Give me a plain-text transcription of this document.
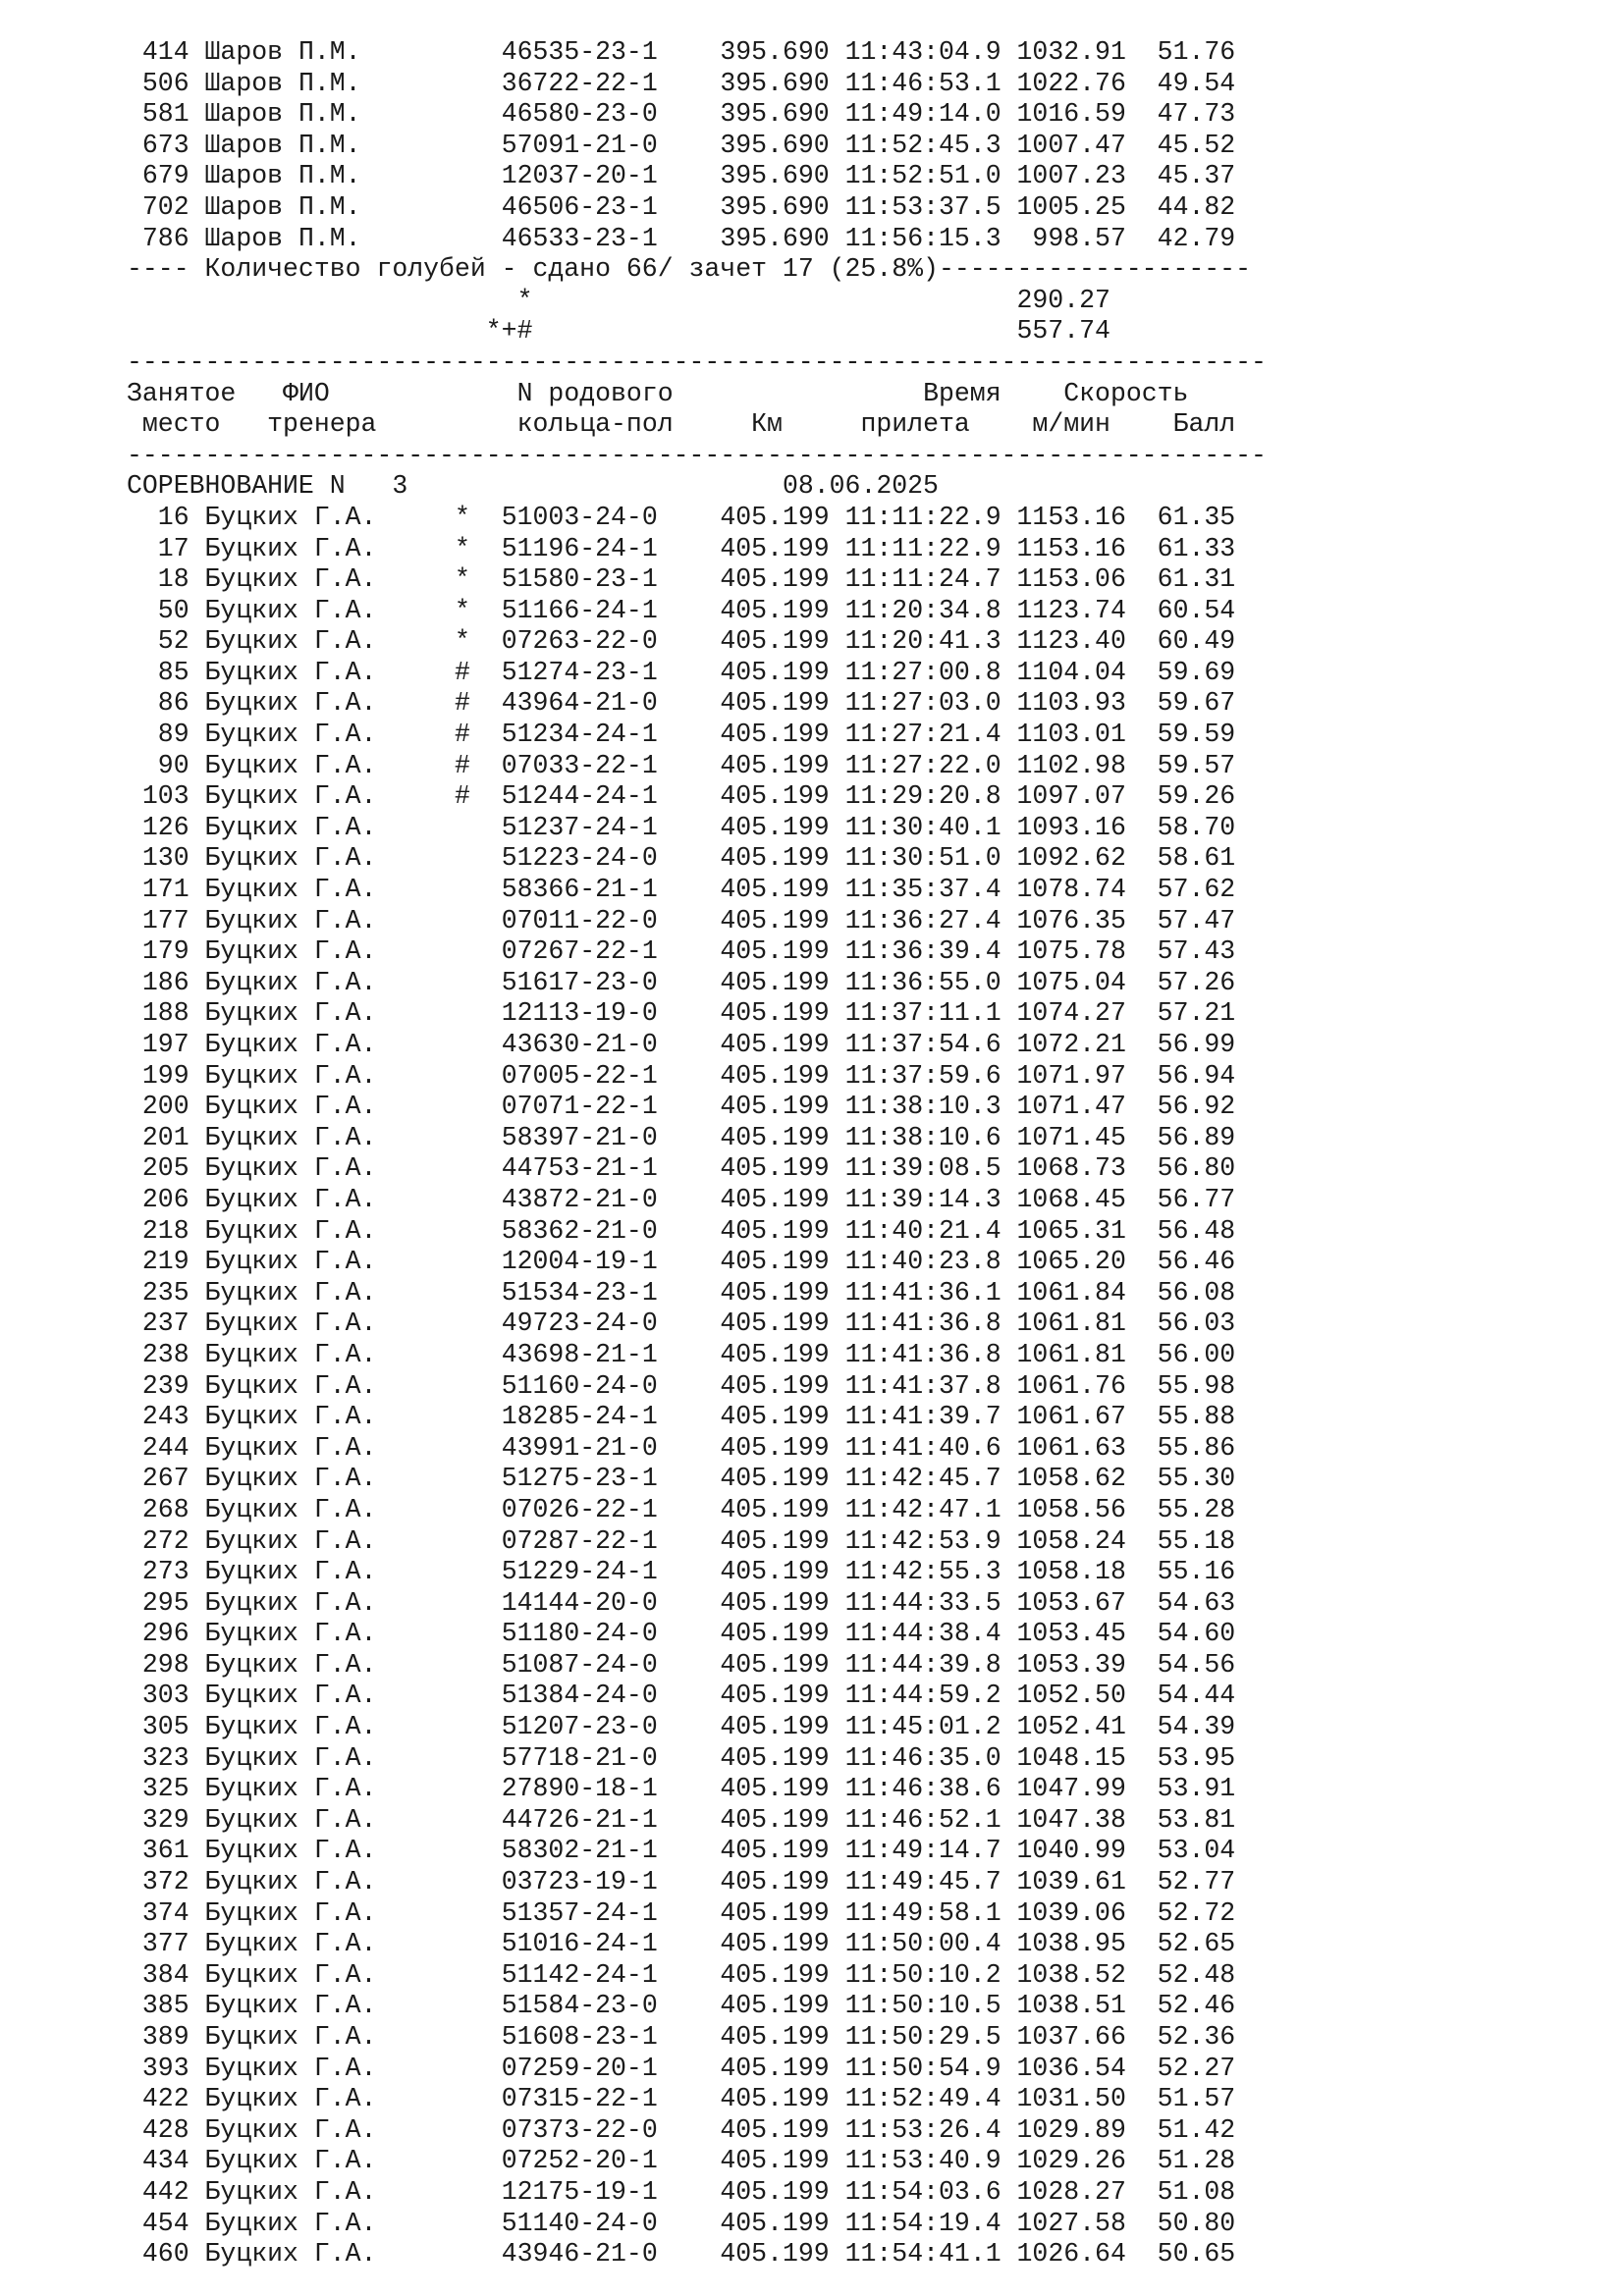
414 Шаров П.М.         46535-23-1    395.690 11:43:04.9 1032.91 51.76
506 Шаров П.М.         36722-22-1    395.690 11:46:53.1 1022.76 49.54
581 Шаров П.М.         46580-23-0    395.690 11:49:14.0 1016.59 47.73
673 Шаров П.М.         57091-21-0    395.690 11:52:45.3 1007.47 45.52
679 Шаров П.М.         12037-20-1    395.690 11:52:51.0 1007.23 45.37
702 Шаров П.М.         46506-23-1    395.690 11:53:37.5 1005.25 44.82
786 Шаров П.М.         46533-23-1    395.690 11:56:15.3  998.57 42.79
---- Количество голубей - сдано 66/ зачет 17 (25.8%)--------------------
*	290.27
*+#	557.74
-------------------------------------------------------------------------
Занятое ФИО	N родового	Время Скорость
место тренера	кольца-пол	Км	прилета м/мин Балл
-------------------------------------------------------------------------
СОРЕВНОВАНИЕ N 3	08.06.2025
16 Буцких Г.А.     *  51003-24-0    405.199 11:11:22.9 1153.16 61.35
17 Буцких Г.А.     *  51196-24-1    405.199 11:11:22.9 1153.16 61.33
18 Буцких Г.А.     *  51580-23-1    405.199 11:11:24.7 1153.06 61.31
50 Буцких Г.А.     *  51166-24-1    405.199 11:20:34.8 1123.74 60.54
52 Буцких Г.А.     *  07263-22-0    405.199 11:20:41.3 1123.40 60.49
85 Буцких Г.А.     #  51274-23-1    405.199 11:27:00.8 1104.04 59.69
86 Буцких Г.А.     #  43964-21-0    405.199 11:27:03.0 1103.93 59.67
89 Буцких Г.А.     #  51234-24-1    405.199 11:27:21.4 1103.01 59.59
90 Буцких Г.А.     #  07033-22-1    405.199 11:27:22.0 1102.98 59.57
103 Буцких Г.А.     #  51244-24-1    405.199 11:29:20.8 1097.07 59.26
126 Буцких Г.А.        51237-24-1    405.199 11:30:40.1 1093.16 58.70
130 Буцких Г.А.        51223-24-0    405.199 11:30:51.0 1092.62 58.61
171 Буцких Г.А.        58366-21-1    405.199 11:35:37.4 1078.74 57.62
177 Буцких Г.А.        07011-22-0    405.199 11:36:27.4 1076.35 57.47
179 Буцких Г.А.        07267-22-1    405.199 11:36:39.4 1075.78 57.43
186 Буцких Г.А.        51617-23-0    405.199 11:36:55.0 1075.04 57.26
188 Буцких Г.А.        12113-19-0    405.199 11:37:11.1 1074.27 57.21
197 Буцких Г.А.        43630-21-0    405.199 11:37:54.6 1072.21 56.99
199 Буцких Г.А.        07005-22-1    405.199 11:37:59.6 1071.97 56.94
200 Буцких Г.А.        07071-22-1    405.199 11:38:10.3 1071.47 56.92
201 Буцких Г.А.        58397-21-0    405.199 11:38:10.6 1071.45 56.89
205 Буцких Г.А.        44753-21-1    405.199 11:39:08.5 1068.73 56.80
206 Буцких Г.А.        43872-21-0    405.199 11:39:14.3 1068.45 56.77
218 Буцких Г.А.        58362-21-0    405.199 11:40:21.4 1065.31 56.48
219 Буцких Г.А.        12004-19-1    405.199 11:40:23.8 1065.20 56.46
235 Буцких Г.А.        51534-23-1    405.199 11:41:36.1 1061.84 56.08
237 Буцких Г.А.        49723-24-0    405.199 11:41:36.8 1061.81 56.03
238 Буцких Г.А.        43698-21-1    405.199 11:41:36.8 1061.81 56.00
239 Буцких Г.А.        51160-24-0    405.199 11:41:37.8 1061.76 55.98
243 Буцких Г.А.        18285-24-1    405.199 11:41:39.7 1061.67 55.88
244 Буцких Г.А.        43991-21-0    405.199 11:41:40.6 1061.63 55.86
267 Буцких Г.А.        51275-23-1    405.199 11:42:45.7 1058.62 55.30
268 Буцких Г.А.        07026-22-1    405.199 11:42:47.1 1058.56 55.28
272 Буцких Г.А.        07287-22-1    405.199 11:42:53.9 1058.24 55.18
273 Буцких Г.А.        51229-24-1    405.199 11:42:55.3 1058.18 55.16
295 Буцких Г.А.        14144-20-0    405.199 11:44:33.5 1053.67 54.63
296 Буцких Г.А.        51180-24-0    405.199 11:44:38.4 1053.45 54.60
298 Буцких Г.А.        51087-24-0    405.199 11:44:39.8 1053.39 54.56
303 Буцких Г.А.        51384-24-0    405.199 11:44:59.2 1052.50 54.44
305 Буцких Г.А.        51207-23-0    405.199 11:45:01.2 1052.41 54.39
323 Буцких Г.А.        57718-21-0    405.199 11:46:35.0 1048.15 53.95
325 Буцких Г.А.        27890-18-1    405.199 11:46:38.6 1047.99 53.91
329 Буцких Г.А.        44726-21-1    405.199 11:46:52.1 1047.38 53.81
361 Буцких Г.А.        58302-21-1    405.199 11:49:14.7 1040.99 53.04
372 Буцких Г.А.        03723-19-1    405.199 11:49:45.7 1039.61 52.77
374 Буцких Г.А.        51357-24-1    405.199 11:49:58.1 1039.06 52.72
377 Буцких Г.А.        51016-24-1    405.199 11:50:00.4 1038.95 52.65
384 Буцких Г.А.        51142-24-1    405.199 11:50:10.2 1038.52 52.48
385 Буцких Г.А.        51584-23-0    405.199 11:50:10.5 1038.51 52.46
389 Буцких Г.А.        51608-23-1    405.199 11:50:29.5 1037.66 52.36
393 Буцких Г.А.        07259-20-1    405.199 11:50:54.9 1036.54 52.27
422 Буцких Г.А.        07315-22-1    405.199 11:52:49.4 1031.50 51.57
428 Буцких Г.А.        07373-22-0    405.199 11:53:26.4 1029.89 51.42
434 Буцких Г.А.        07252-20-1    405.199 11:53:40.9 1029.26 51.28
442 Буцких Г.А.        12175-19-1    405.199 11:54:03.6 1028.27 51.08
454 Буцких Г.А.        51140-24-0    405.199 11:54:19.4 1027.58 50.80
460 Буцких Г.А.        43946-21-0    405.199 11:54:41.1 1026.64 50.65
